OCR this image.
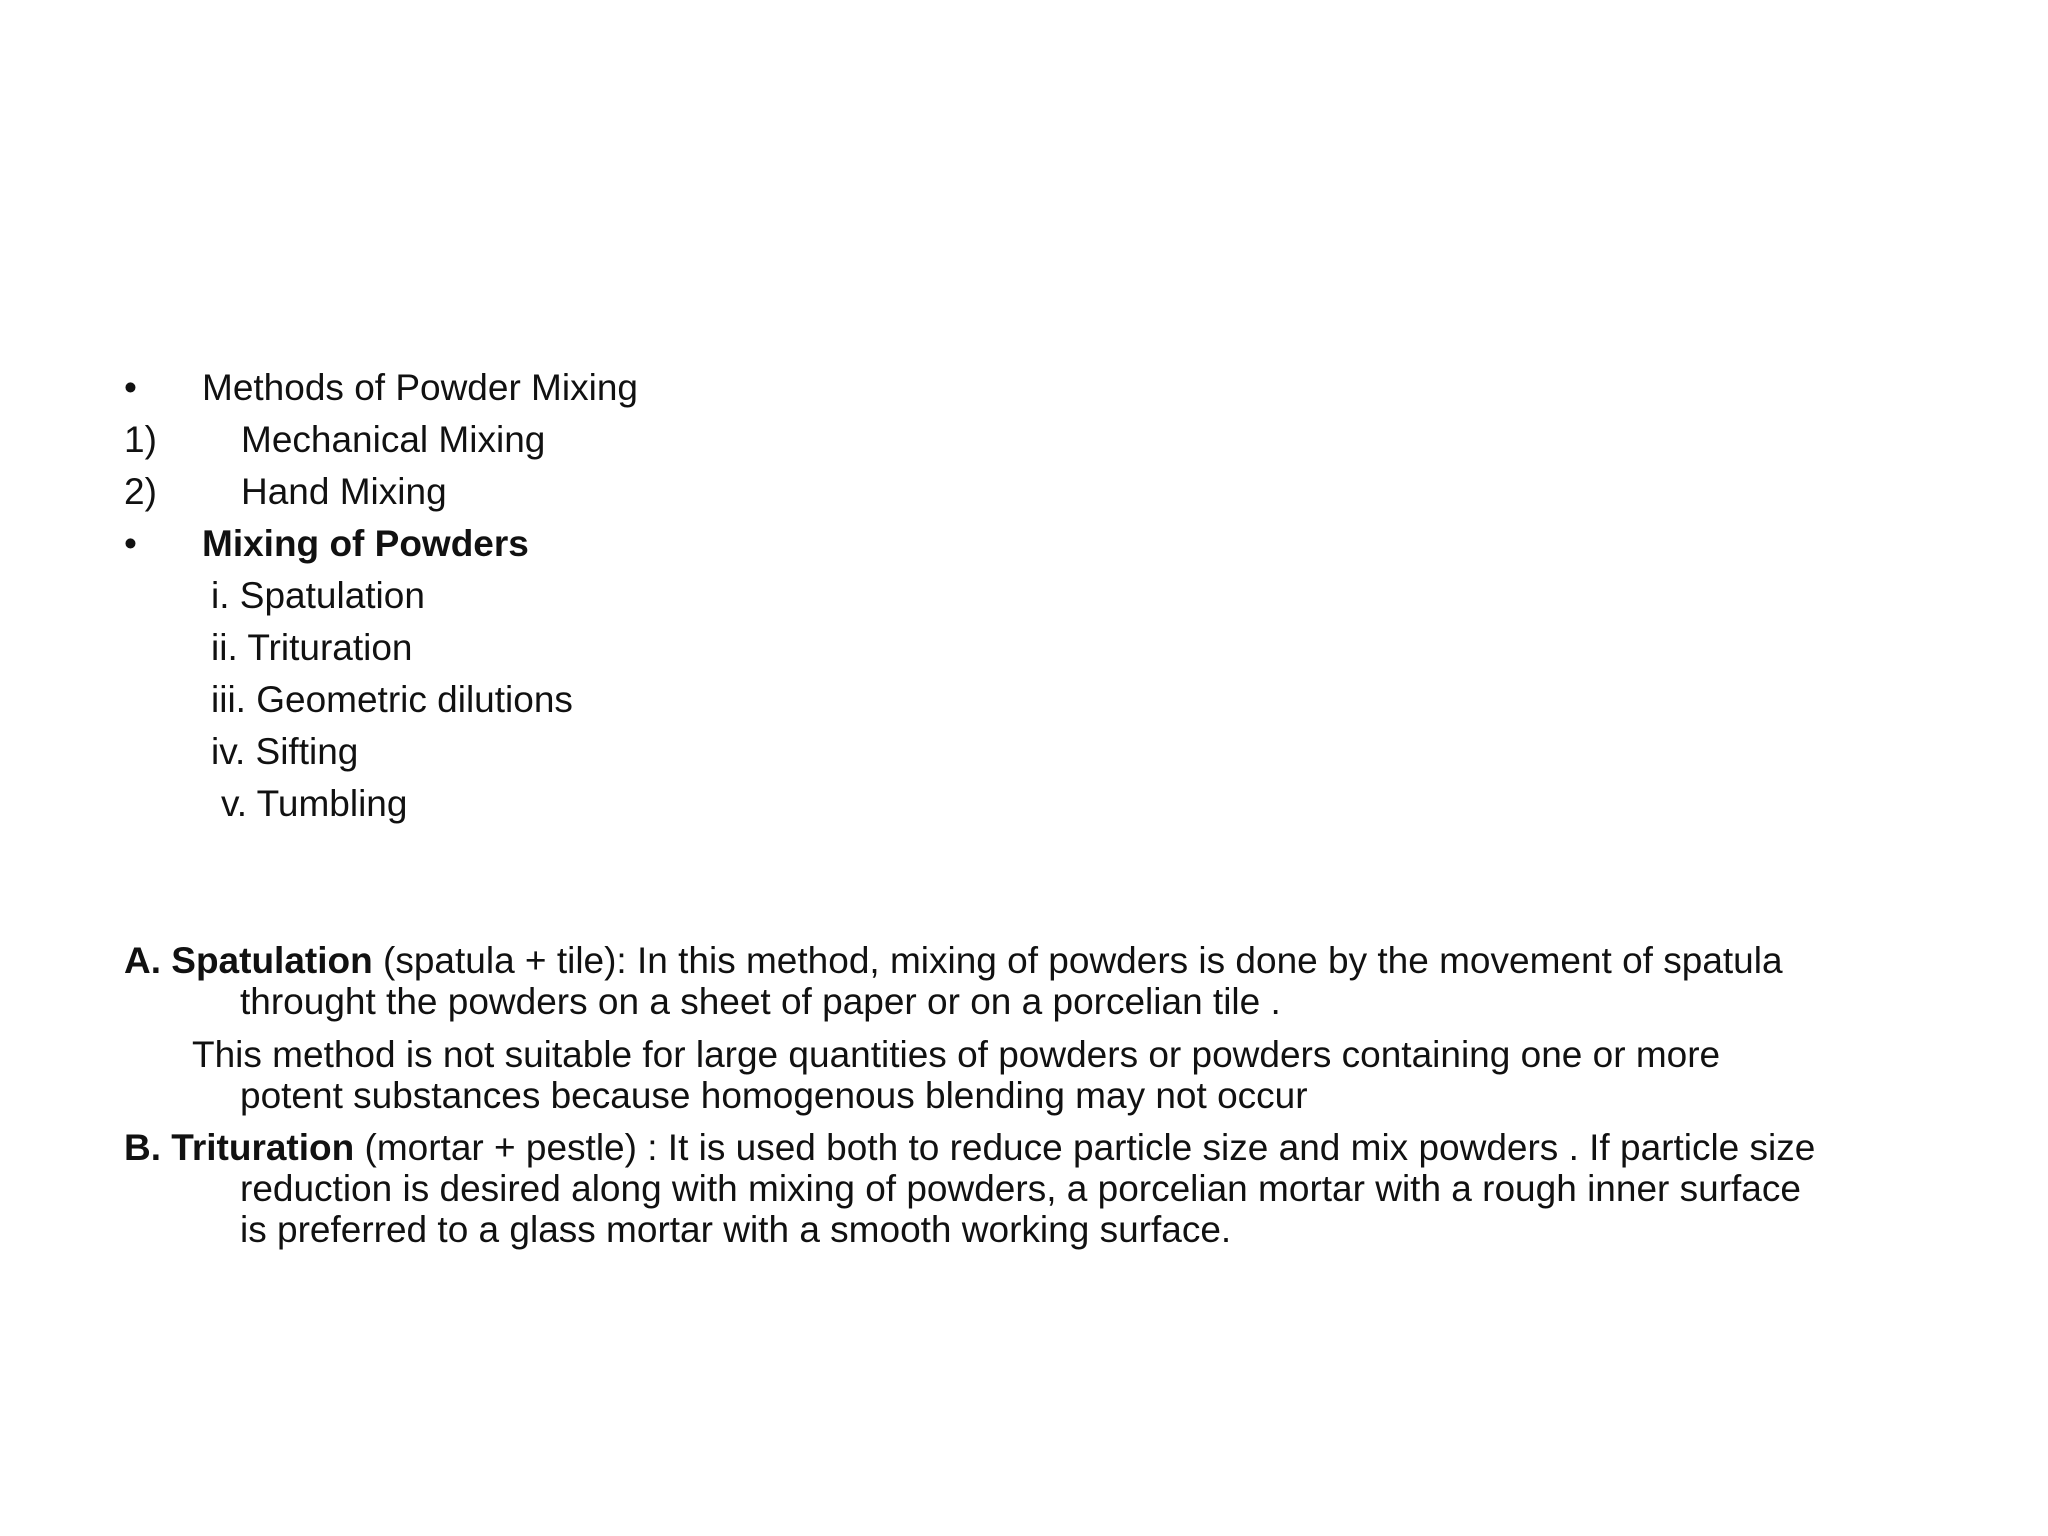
• Methods of Powder Mixing
1) Mechanical Mixing
2) Hand Mixing
• Mixing of Powders
i. Spatulation
ii. Trituration
iii. Geometric dilutions
iv. Sifting
v. Tumbling
A. Spatulation (spatula + tile): In this method, mixing of powders is done by the movement of spatula
throught the powders on a sheet of paper or on a porcelian tile .
This method is not suitable for large quantities of powders or powders containing one or more
potent substances because homogenous blending may not occur
B. Trituration (mortar + pestle) : It is used both to reduce particle size and mix powders . If particle size
reduction is desired along with mixing of powders, a porcelian mortar with a rough inner surface
is preferred to a glass mortar with a smooth working surface.
